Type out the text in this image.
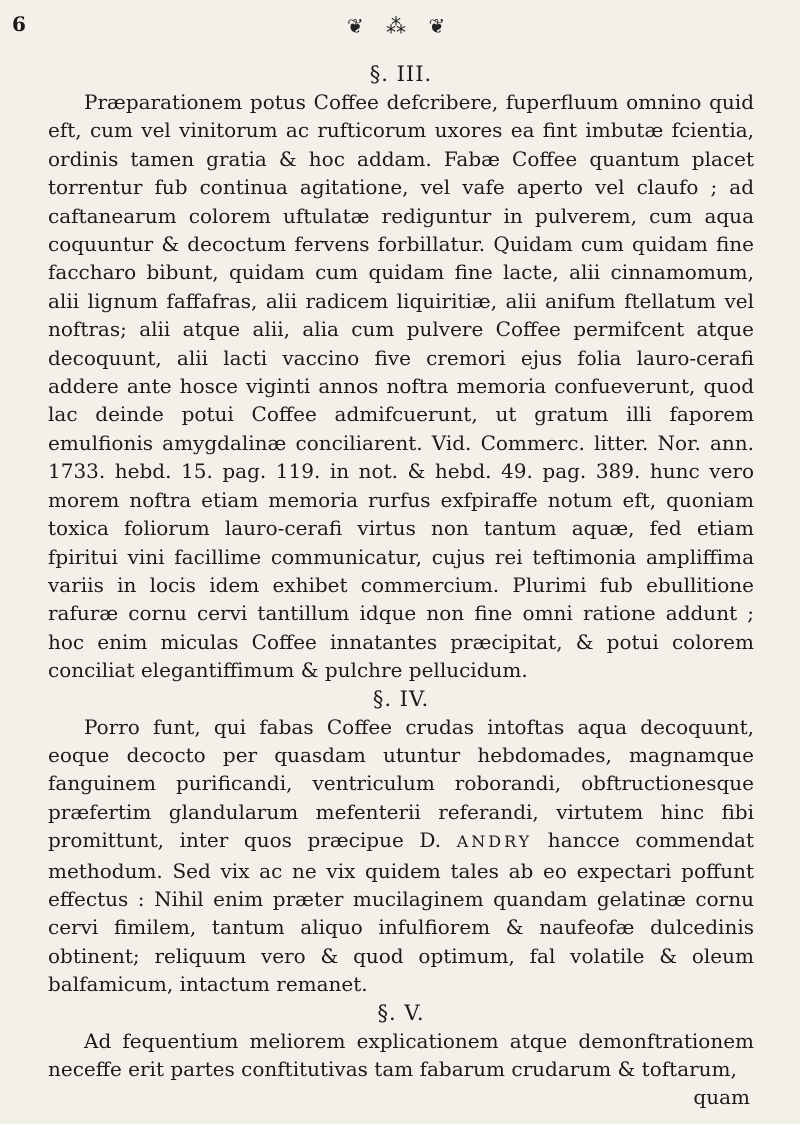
6	❦ ⁂ ❦
§. III.

Præparationem potus Coffee defcribere, fuperfluum omnino quid eft, cum vel vinitorum ac rufticorum uxores ea fint imbutæ fcientia, ordinis tamen gratia & hoc addam. Fabæ Coffee quantum placet torrentur fub continua agitatione, vel vafe aperto vel claufo ; ad caftanearum colorem uftulatæ rediguntur in pulverem, cum aqua coquuntur & decoctum fervens forbillatur. Quidam cum quidam fine faccharo bibunt, quidam cum quidam fine lacte, alii cinnamomum, alii lignum faffafras, alii radicem liquiritiæ, alii anifum ftellatum vel noftras; alii atque alii, alia cum pulvere Coffee permifcent atque decoquunt, alii lacti vaccino five cremori ejus folia lauro-cerafi addere ante hosce viginti annos noftra memoria confueverunt, quod lac deinde potui Coffee admifcuerunt, ut gratum illi faporem emulfionis amygdalinæ conciliarent. Vid. Commerc. litter. Nor. ann. 1733. hebd. 15. pag. 119. in not. & hebd. 49. pag. 389. hunc vero morem noftra etiam memoria rurfus exfpiraffe notum eft, quoniam toxica foliorum lauro-cerafi virtus non tantum aquæ, fed etiam fpiritui vini facillime communicatur, cujus rei teftimonia ampliffima variis in locis idem exhibet commercium. Plurimi fub ebullitione rafuræ cornu cervi tantillum idque non fine omni ratione addunt ; hoc enim miculas Coffee innatantes præcipitat, & potui colorem conciliat elegantiffimum & pulchre pellucidum.

§. IV.

Porro funt, qui fabas Coffee crudas intoftas aqua decoquunt, eoque decocto per quasdam utuntur hebdomades, magnamque fanguinem purificandi, ventriculum roborandi, obftructionesque præfertim glandularum mefenterii referandi, virtutem hinc fibi promittunt, inter quos præcipue D. ANDRY hancce commendat methodum. Sed vix ac ne vix quidem tales ab eo expectari poffunt effectus : Nihil enim præter mucilaginem quandam gelatinæ cornu cervi fimilem, tantum aliquo infulfiorem & naufeofæ dulcedinis obtinent; reliquum vero & quod optimum, fal volatile & oleum balfamicum, intactum remanet.

§. V.

Ad fequentium meliorem explicationem atque demonftrationem neceffe erit partes conftitutivas tam fabarum crudarum & toftarum,

quam
